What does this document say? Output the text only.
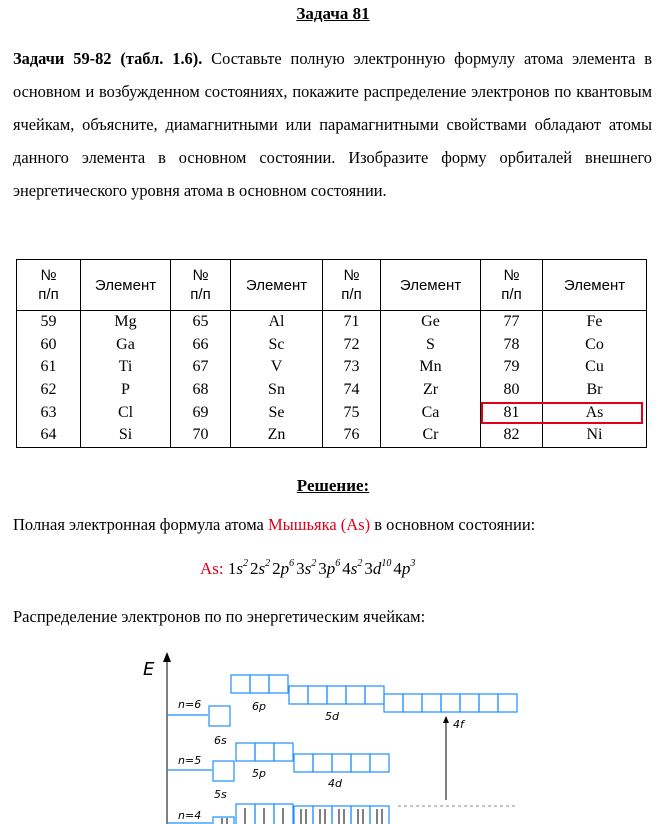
Задача 81
Задачи 59-82 (табл. 1.6). Составьте полную электронную формулу атома элемента в основном и возбужденном состояниях, покажите распределение электронов по квантовым ячейкам, объясните, диамагнитными или парамагнитными свойствами обладают атомы данного элемента в основном состоянии. Изобразите форму орбиталей внешнего энергетического уровня атома в основном состоянии.
№
п/п	Элемент	№
п/п	Элемент	№
п/п	Элемент	№
п/п	Элемент
59	Mg	65	Al	71	Ge	77	Fe
60	Ga	66	Sc	72	S	78	Co
61	Ti	67	V	73	Mn	79	Cu
62	P	68	Sn	74	Zr	80	Br
63	Cl	69	Se	75	Ca	81	As
64	Si	70	Zn	76	Cr	82	Ni
Решение:
Полная электронная формула атома Мышьяка (As) в основном состоянии:
As: $1s^2$ $2s^2$ $2p^6$ $3s^2$ $3p^6$ $4s^2$ $3d^{10}$ $4p^3$
Распределение электронов по по энергетическим ячейкам:
E
n=6
6s
6p
5d
4f
n=5
5s
5p
4d
n=4
